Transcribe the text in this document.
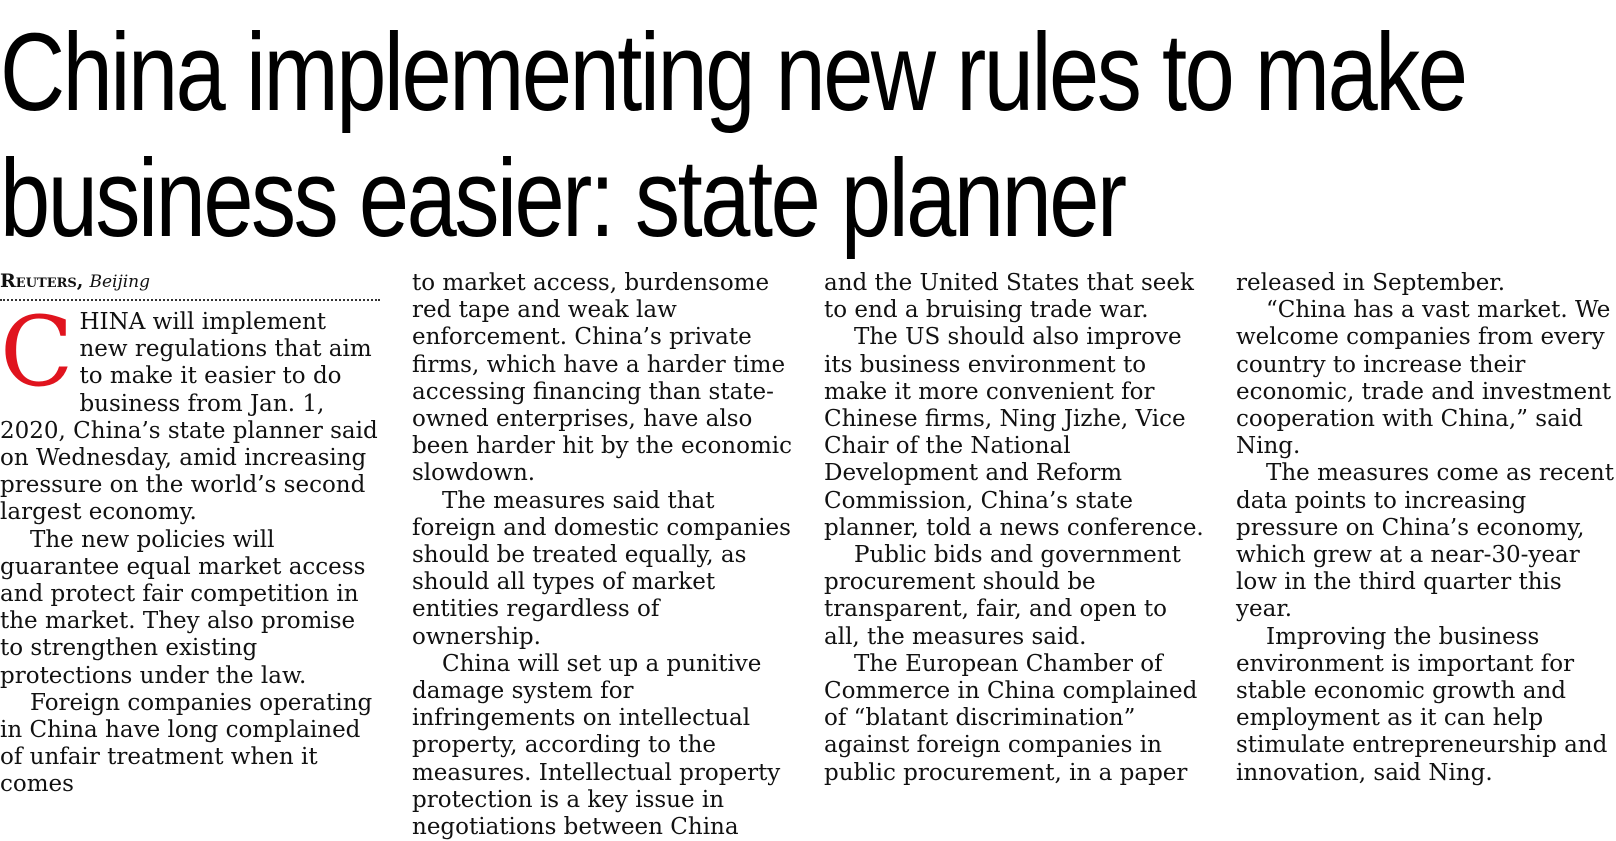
China implementing new rules to make
business easier: state planner
Reuters, Beijing

CHINA will implement new regulations that aim to make it easier to do business from Jan. 1, 2020, China’s state planner said on Wednesday, amid increasing pressure on the world’s second largest economy.

The new policies will guarantee equal market access and protect fair competition in the market. They also promise to strengthen existing protections under the law.

Foreign companies operating in China have long complained of unfair treatment when it comes

to market access, burdensome red tape and weak law enforcement. China’s private firms, which have a harder time accessing financing than state-owned enterprises, have also been harder hit by the economic slowdown.

The measures said that foreign and domestic companies should be treated equally, as should all types of market entities regardless of ownership.

China will set up a punitive damage system for infringements on intellectual property, according to the measures. Intellectual property protection is a key issue in negotiations between China

and the United States that seek to end a bruising trade war.

The US should also improve its business environment to make it more convenient for Chinese firms, Ning Jizhe, Vice Chair of the National Development and Reform Commission, China’s state planner, told a news conference.

Public bids and government procurement should be transparent, fair, and open to all, the measures said.

The European Chamber of Commerce in China complained of “blatant discrimination” against foreign companies in public procurement, in a paper

released in September.

“China has a vast market. We welcome companies from every country to increase their economic, trade and investment cooperation with China,” said Ning.

The measures come as recent data points to increasing pressure on China’s economy, which grew at a near-30-year low in the third quarter this year.

Improving the business environment is important for stable economic growth and employment as it can help stimulate entrepreneurship and innovation, said Ning.
